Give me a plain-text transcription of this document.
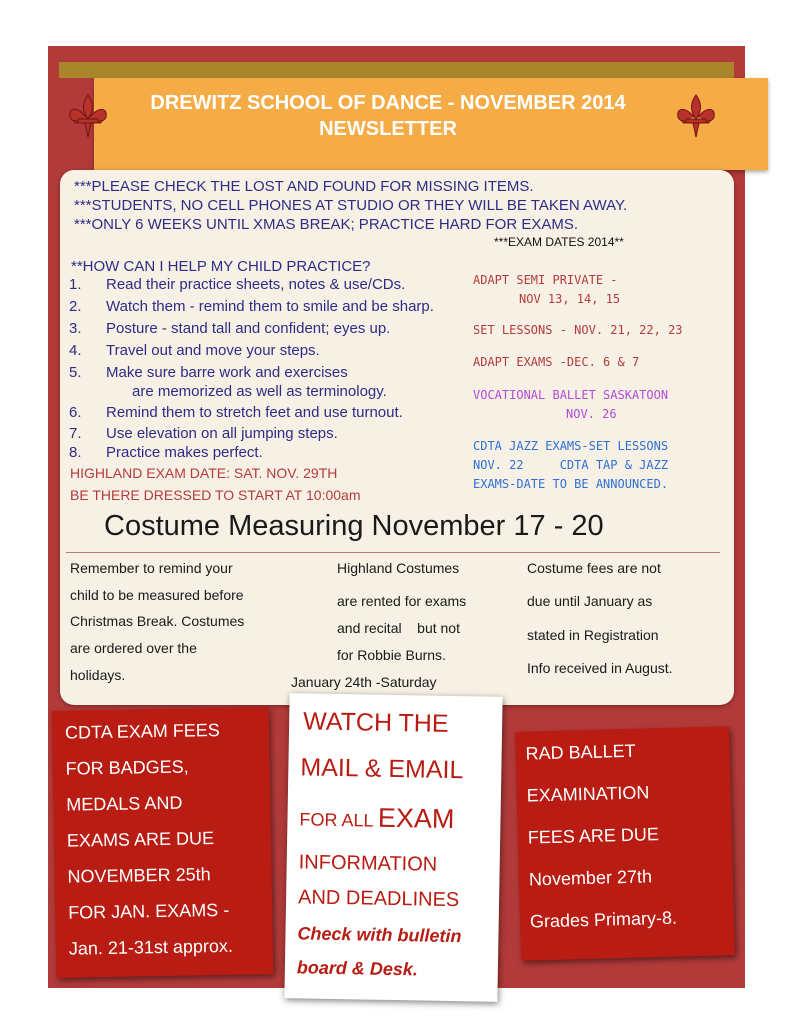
DREWITZ SCHOOL OF DANCE - NOVEMBER 2014
NEWSLETTER
***PLEASE CHECK THE LOST AND FOUND FOR MISSING ITEMS.
***STUDENTS, NO CELL PHONES AT STUDIO OR THEY WILL BE TAKEN AWAY.
***ONLY 6 WEEKS UNTIL XMAS BREAK; PRACTICE HARD FOR EXAMS.
***EXAM DATES 2014**
**HOW CAN I HELP MY CHILD PRACTICE?
1. Read their practice sheets, notes & use/CDs.
2. Watch them - remind them to smile and be sharp.
3. Posture - stand tall and confident; eyes up.
4. Travel out and move your steps.
5. Make sure barre work and exercises
are memorized as well as terminology.
6. Remind them to stretch feet and use turnout.
7. Use elevation on all jumping steps.
8. Practice makes perfect.
HIGHLAND EXAM DATE: SAT. NOV. 29TH
BE THERE DRESSED TO START AT 10:00am
ADAPT SEMI PRIVATE -
NOV 13, 14, 15
SET LESSONS - NOV. 21, 22, 23
ADAPT EXAMS -DEC. 6 & 7
VOCATIONAL BALLET SASKATOON
NOV. 26
CDTA JAZZ EXAMS-SET LESSONS
NOV. 22     CDTA TAP & JAZZ
EXAMS-DATE TO BE ANNOUNCED.
Costume Measuring November 17 - 20
Remember to remind your
child to be measured before
Christmas Break. Costumes
are ordered over the
holidays.
Highland Costumes
are rented for exams
and recital    but not
for Robbie Burns.
January 24th -Saturday
Costume fees are not
due until January as
stated in Registration
Info received in August.
CDTA EXAM FEES
FOR BADGES,
MEDALS AND
EXAMS ARE DUE
NOVEMBER 25th
FOR JAN. EXAMS -
Jan. 21-31st approx.
WATCH THE
MAIL & EMAIL
FOR ALL EXAM
INFORMATION
AND DEADLINES
Check with bulletin
board & Desk.
RAD BALLET
EXAMINATION
FEES ARE DUE
November 27th
Grades Primary-8.
